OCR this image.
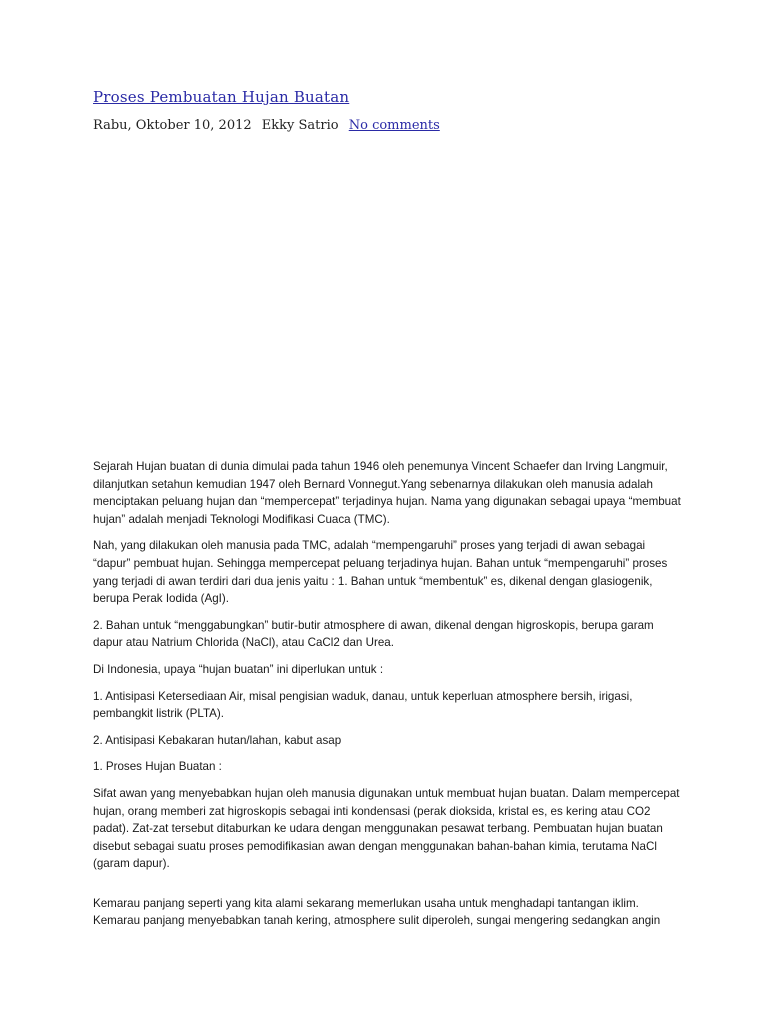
Proses Pembuatan Hujan Buatan
Rabu, Oktober 10, 2012 Ekky Satrio No comments

Sejarah Hujan buatan di dunia dimulai pada tahun 1946 oleh penemunya Vincent Schaefer dan Irving Langmuir, dilanjutkan setahun kemudian 1947 oleh Bernard Vonnegut.Yang sebenarnya dilakukan oleh manusia adalah menciptakan peluang hujan dan “mempercepat” terjadinya hujan. Nama yang digunakan sebagai upaya “membuat hujan” adalah menjadi Teknologi Modifikasi Cuaca (TMC).

Nah, yang dilakukan oleh manusia pada TMC, adalah “mempengaruhi” proses yang terjadi di awan sebagai “dapur” pembuat hujan. Sehingga mempercepat peluang terjadinya hujan. Bahan untuk “mempengaruhi” proses yang terjadi di awan terdiri dari dua jenis yaitu : 1. Bahan untuk “membentuk” es, dikenal dengan glasiogenik, berupa Perak Iodida (AgI).

2. Bahan untuk “menggabungkan” butir-butir atmosphere di awan, dikenal dengan higroskopis, berupa garam dapur atau Natrium Chlorida (NaCl), atau CaCl2 dan Urea.

Di Indonesia, upaya “hujan buatan” ini diperlukan untuk :

1. Antisipasi Ketersediaan Air, misal pengisian waduk, danau, untuk keperluan atmosphere bersih, irigasi, pembangkit listrik (PLTA).

2. Antisipasi Kebakaran hutan/lahan, kabut asap

1. Proses Hujan Buatan :

Sifat awan yang menyebabkan hujan oleh manusia digunakan untuk membuat hujan buatan. Dalam mempercepat hujan, orang memberi zat higroskopis sebagai inti kondensasi (perak dioksida, kristal es, es kering atau CO2 padat). Zat-zat tersebut ditaburkan ke udara dengan menggunakan pesawat terbang. Pembuatan hujan buatan disebut sebagai suatu proses pemodifikasian awan dengan menggunakan bahan-bahan kimia, terutama NaCl (garam dapur).

Kemarau panjang seperti yang kita alami sekarang memerlukan usaha untuk menghadapi tantangan iklim. Kemarau panjang menyebabkan tanah kering, atmosphere sulit diperoleh, sungai mengering sedangkan angin
